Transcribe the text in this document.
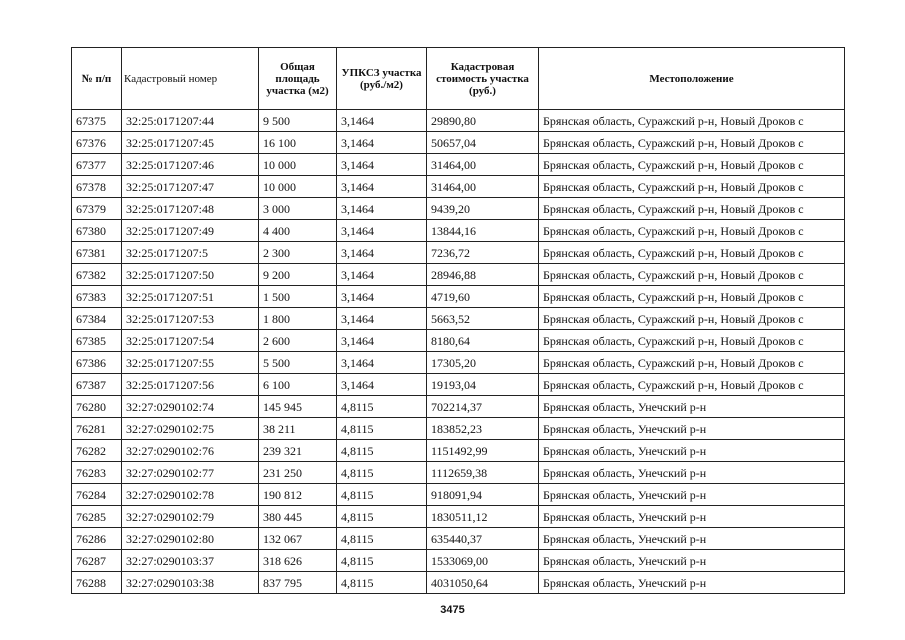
№ п/п	Кадастровый номер	Общая площадь участка (м2)	УПКСЗ участка (руб./м2)	Кадастровая стоимость участка (руб.)	Местоположение
67375	32:25:0171207:44	9 500	3,1464	29890,80	Брянская область, Суражский р-н, Новый Дроков с
67376	32:25:0171207:45	16 100	3,1464	50657,04	Брянская область, Суражский р-н, Новый Дроков с
67377	32:25:0171207:46	10 000	3,1464	31464,00	Брянская область, Суражский р-н, Новый Дроков с
67378	32:25:0171207:47	10 000	3,1464	31464,00	Брянская область, Суражский р-н, Новый Дроков с
67379	32:25:0171207:48	3 000	3,1464	9439,20	Брянская область, Суражский р-н, Новый Дроков с
67380	32:25:0171207:49	4 400	3,1464	13844,16	Брянская область, Суражский р-н, Новый Дроков с
67381	32:25:0171207:5	2 300	3,1464	7236,72	Брянская область, Суражский р-н, Новый Дроков с
67382	32:25:0171207:50	9 200	3,1464	28946,88	Брянская область, Суражский р-н, Новый Дроков с
67383	32:25:0171207:51	1 500	3,1464	4719,60	Брянская область, Суражский р-н, Новый Дроков с
67384	32:25:0171207:53	1 800	3,1464	5663,52	Брянская область, Суражский р-н, Новый Дроков с
67385	32:25:0171207:54	2 600	3,1464	8180,64	Брянская область, Суражский р-н, Новый Дроков с
67386	32:25:0171207:55	5 500	3,1464	17305,20	Брянская область, Суражский р-н, Новый Дроков с
67387	32:25:0171207:56	6 100	3,1464	19193,04	Брянская область, Суражский р-н, Новый Дроков с
76280	32:27:0290102:74	145 945	4,8115	702214,37	Брянская область, Унечский р-н
76281	32:27:0290102:75	38 211	4,8115	183852,23	Брянская область, Унечский р-н
76282	32:27:0290102:76	239 321	4,8115	1151492,99	Брянская область, Унечский р-н
76283	32:27:0290102:77	231 250	4,8115	1112659,38	Брянская область, Унечский р-н
76284	32:27:0290102:78	190 812	4,8115	918091,94	Брянская область, Унечский р-н
76285	32:27:0290102:79	380 445	4,8115	1830511,12	Брянская область, Унечский р-н
76286	32:27:0290102:80	132 067	4,8115	635440,37	Брянская область, Унечский р-н
76287	32:27:0290103:37	318 626	4,8115	1533069,00	Брянская область, Унечский р-н
76288	32:27:0290103:38	837 795	4,8115	4031050,64	Брянская область, Унечский р-н
3475
